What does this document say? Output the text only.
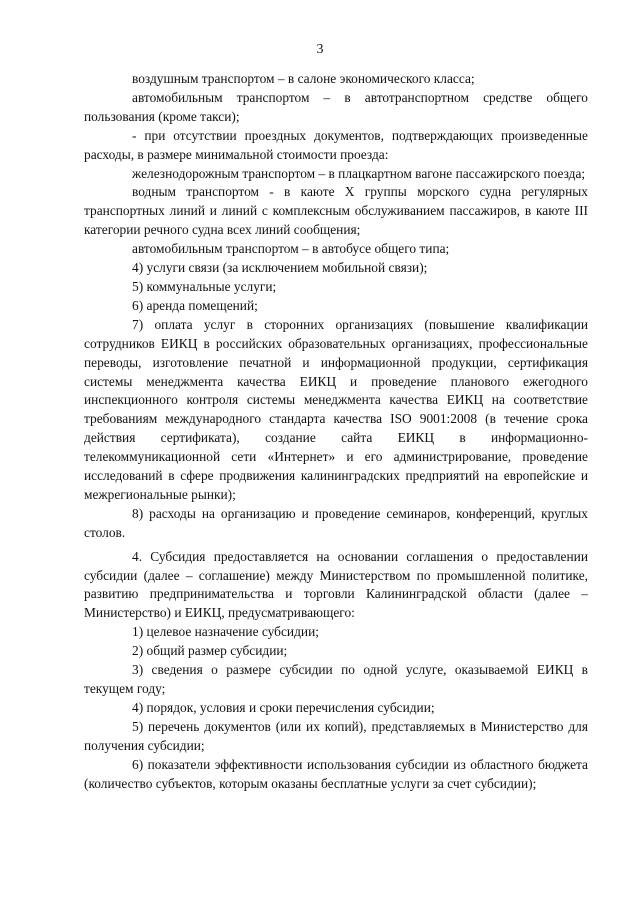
3

воздушным транспортом – в салоне экономического класса;

автомобильным транспортом – в автотранспортном средстве общего пользования (кроме такси);

- при отсутствии проездных документов, подтверждающих произведенные расходы, в размере минимальной стоимости проезда:

железнодорожным транспортом – в плацкартном вагоне пассажирского поезда;

водным транспортом - в каюте X группы морского судна регулярных транспортных линий и линий с комплексным обслуживанием пассажиров, в каюте III категории речного судна всех линий сообщения;

автомобильным транспортом – в автобусе общего типа;

4) услуги связи (за исключением мобильной связи);

5) коммунальные услуги;

6) аренда помещений;

7) оплата услуг в сторонних организациях (повышение квалификации сотрудников ЕИКЦ в российских образовательных организациях, профессиональные переводы, изготовление печатной и информационной продукции, сертификация системы менеджмента качества ЕИКЦ и проведение планового ежегодного инспекционного контроля системы менеджмента качества ЕИКЦ на соответствие требованиям международного стандарта качества ISO 9001:2008 (в течение срока действия сертификата), создание сайта ЕИКЦ в информационно-телекоммуникационной сети «Интернет» и его администрирование, проведение исследований в сфере продвижения калининградских предприятий на европейские и межрегиональные рынки);

8) расходы на организацию и проведение семинаров, конференций, круглых столов.

4. Субсидия предоставляется на основании соглашения о предоставлении субсидии (далее – соглашение) между Министерством по промышленной политике, развитию предпринимательства и торговли Калининградской области (далее – Министерство) и ЕИКЦ, предусматривающего:

1) целевое назначение субсидии;

2) общий размер субсидии;

3) сведения о размере субсидии по одной услуге, оказываемой ЕИКЦ в текущем году;

4) порядок, условия и сроки перечисления субсидии;

5) перечень документов (или их копий), представляемых в Министерство для получения субсидии;

6) показатели эффективности использования субсидии из областного бюджета (количество субъектов, которым оказаны бесплатные услуги за счет субсидии);
